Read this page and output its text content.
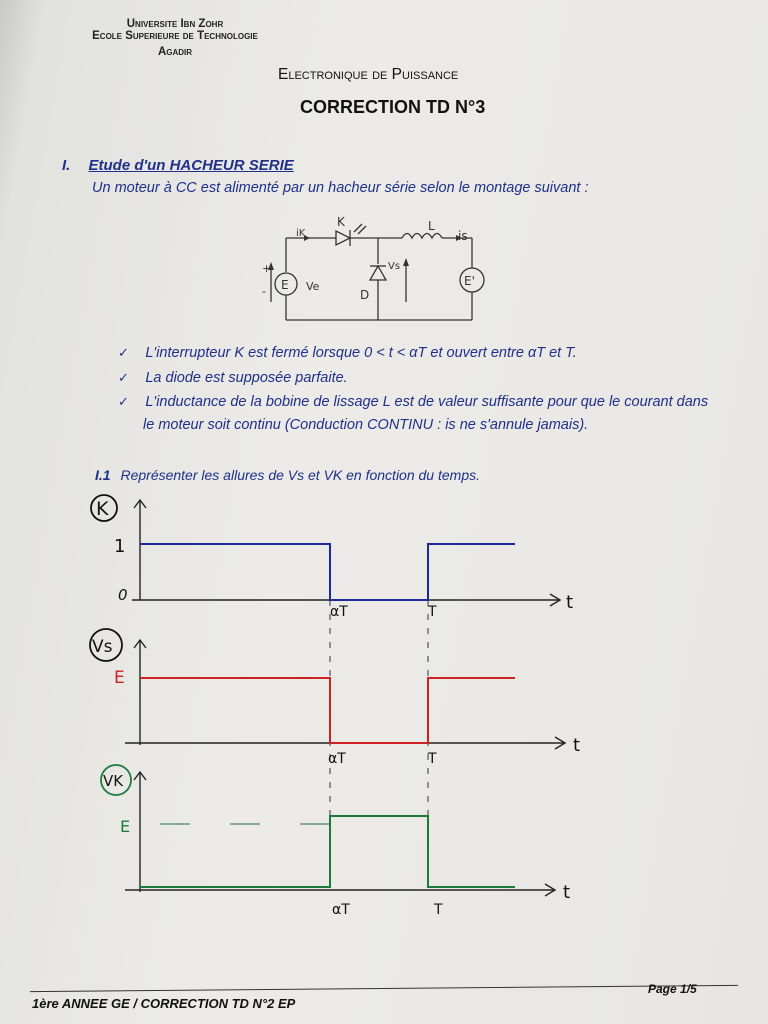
Universite Ibn Zohr
Ecole Superieure de Technologie
Agadir
Electronique de Puissance
CORRECTION TD N°3
I. Etude d'un HACHEUR SERIE
Un moteur à CC est alimenté par un hacheur série selon le montage suivant :
iK
K	L
is
+
- E Ve
Vs
D
E'
✓ L'interrupteur K est fermé lorsque 0 < t < αT et ouvert entre αT et T.
✓ La diode est supposée parfaite.
✓ L'inductance de la bobine de lissage L est de valeur suffisante pour que le courant dans
le moteur soit continu (Conduction CONTINU : is ne s'annule jamais).
I.1 Représenter les allures de Vs et VK en fonction du temps.
K
Vs
VK
1
0
αT	T	t
E
αT	T
t
E
αT	T
t
1ère ANNEE GE / CORRECTION TD N°2 EP
Page 1/5
